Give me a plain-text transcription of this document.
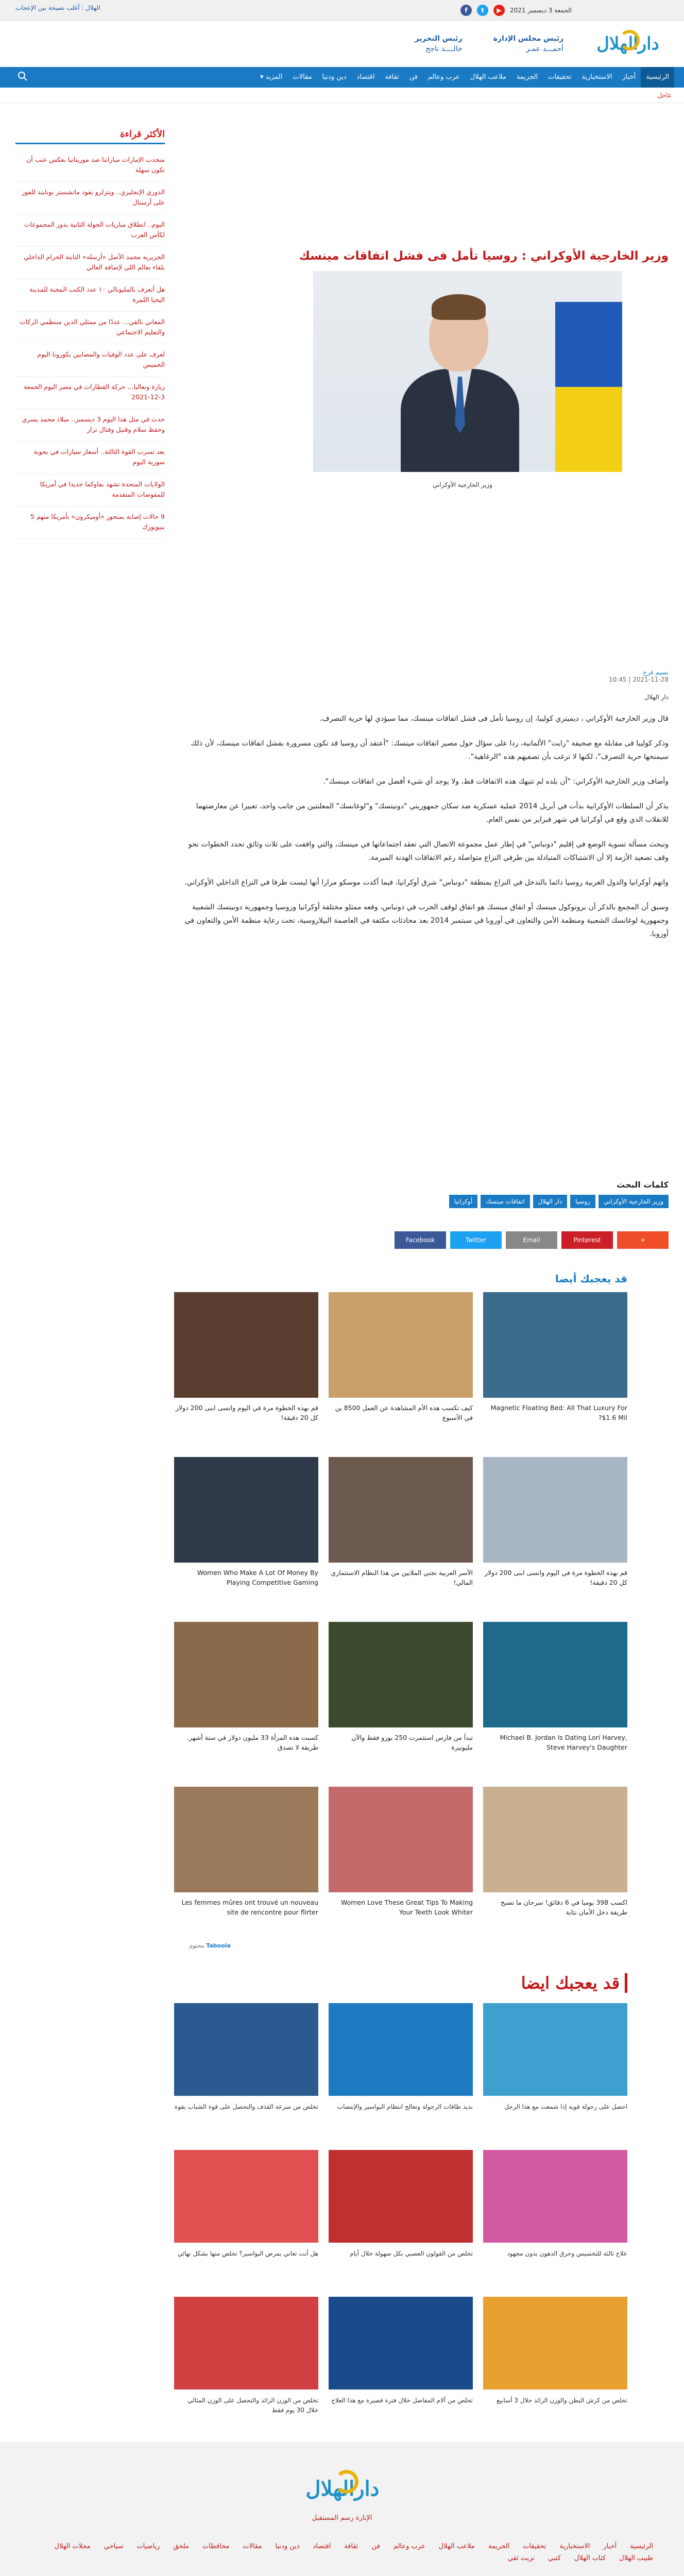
الجمعة 3 ديسمبر 2021
▶
t
f
دارالهلال
رئيس مجلس الإدارة
أحمـــد عمـر
رئيس التحرير
خالــــد ناجح
الرئيسية
أخبار
الاستخبارية
تحقيقات
الجريمة
ملاعب الهلال
عرب وعالم
فن
ثقافة
اقتصاد
دين ودنيا
مقالات
المزيد ▾
عاجل
الهلال : أغلب نصيحة بين الإعجاب
الأكثر قراءة
منحدب الإمارات مباراتنا ضد موريتانيا بعكس عنب أن تكون سهلة
الدوري الإنجليزي.. ويتزلرو يقود ماتشستر يونايتد للفوز على أرسنال
اليوم.. انطلاق مباريات الجولة الثانية بدور المجموعات لكأس العرب
الجزيرية محمد الأصل «أرسله» الثابتة الحرام الداخلي بلقاء بعالم اللي لإضافة العالي
هل أتعرف بالمليونالي ١٠ عدد الكتب المحبة للمدينة اليحيا اللمرة
المعاني بالقي... عددًا من ممثلي الدين منتظمي الركات والتعليم الاجتماعي
لعرف على عدد الوفيات والمصابين بكورونا اليوم الخميس
زيارة وتعاليا... حركة القطارات في مصر اليوم الجمعة 3-12-2021
حدث في مثل هذا اليوم 3 ديسمبر.. ميلاد محمد يسري وحفظ سلام وقتيل وقتال نزار
بعد تسرب القوة الثالثة.. أسعار سيارات في بحوية سورية اليوم
الولايات المتحدة تشهد بقاوكما جديدا في أمريكا للمفوضات المتقدمة
9 حالات إصابة بمتحور «أوميكرون» بأمريكا منهم 5 بنيويورك
وزير الخارجية الأوكراني : روسيا تأمل فى فشل اتفاقات مينسك
وزير الخارجية الأوكراني
نسيم فرح
2021-11-28 | 10:45
دار الهلال

قال وزير الخارجية الأوكراني ، ديميتري كوليبا، إن روسيا تأمل فى فشل اتفاقات مينسك، مما سيؤدي لها حرية التصرف.

وذكر كوليبا فى مقابلة مع صحيفة "زايت" الألمانية، ردا على سؤال حول مصير اتفاقات مينسك: "أعتقد أن روسيا قد تكون مسرورة بفشل اتفاقات مينسك، لأن ذلك سيمنحها حرية التصرف"، لكنها لا ترغب بأن تصفيهم هذه "الرغاهية".

وأضاف وزير الخارجية الأوكراني: "أن بلده لم تتبهك هذه الاتفاقات قط، ولا يوجد أي شيء أفضل من اتفاقات مينسك".

يذكر أن السلطات الأوكرانية بدأت في أبريل 2014 عملية عسكرية ضد سكان جمهوريتي "دونيتسك" و"لوغانسك" المعلنتين من جانب واحد، تعبيرا عن معارضتهما للانقلاب الذي وقع في أوكرانيا في شهر فبراير من نفس العام.

وتبحث مسألة تسوية الوضع في إقليم "دونباس" في إطار عمل مجموعة الاتصال التي تعقد اجتماعاتها في مينسك، والتي وافقت على ثلاث وثائق تحدد الخطوات نحو وقف تصعيد الأزمة إلا أن الاشتباكات المتبادلة بين طرفي النزاع متواصلة رغم الاتفاقات الهدنة المبرمة.

واتهم أوكرانيا والدول الغربية روسيا دائما بالتدخل في النزاع بمنطقة "دونباس" شرق أوكرانيا، فيما أكدت موسكو مرارا أنها ليست طرفا في النزاع الداخلي الأوكراني.

وسبق أن المجمع بالذكر أن بروتوكول مينسك أو اتفاق مينسك هو اتفاق لوقف الحرب في دونباس، وقعه ممثلو مختلفة أوكرانيا وروسيا وجمهورية دونيتسك الشعبية وجمهورية لوغانسك الشعبية ومنظمة الأمن والتعاون في أوروبا في سبتمبر 2014 بعد محادثات مكثفة في العاصمة البيلاروسية، تحت رعاية منظمة الأمن والتعاون في أوروبا.

كلمات البحث
وزير الخارجية الأوكراني
روسيا
دار الهلال
اتفاقات مينسك
أوكرانيا
+
Pinterest
Email
Twitter
Facebook
قد يعجبك أيضا
Magnetic Floating Bed: All That Luxury For $1.6 Mil?
كيف تكسب هذه الأم المشاهدة عن العمل 8500 ين في الأسبوع
قم بهذه الخطوة مرة في اليوم وانسى ابنى 200 دولار كل 20 دقيقة!
قم بهذه الخطوة مرة في اليوم وانسى ابنى 200 دولار كل 20 دقيقة!
الأسر العربية تجني الملايين من هذا النظام الاستثماري المالي!
Women Who Make A Lot Of Money By Playing Competitive Gaming
Michael B. Jordan Is Dating Lori Harvey, Steve Harvey's Daughter
تبدأ من فارس استثمرت 250 يورو فقط والآن مليونيرة
كسبت هذه المرأة 33 مليون دولار في ستة أشهر. طريقة لا تصدق
اكسب 398 يوميا في 6 دقائق! سرحان ما تصبح طريقة دخل الأمان نثابة
Women Love These Great Tips To Making Your Teeth Look Whiter
Les femmes mûres ont trouvé un nouveau site de rencontre pour flirter
Taboola محتوى
قد يعجبك ايضا
احصل على رجولة قوية إذا شمعت مع هذا الرجل
بديد طاقات الرجولة وتعالج انتظام البواسير والإنتصاب
تخلص من سرعة القذف والتحصل على قوة الشباب بقوة
علاج ثالثة للتخسيس وحرق الدهون بدون مجهود
تخلص من القولون العصبي بكل سهولة خلال أيام
هل أنت تعاني بمرض البواسير؟ تخلص منها بشكل نهائي
تخلص من كرش البطن والوزن الزائد خلال 3 أسابيع
تخلص من آلام المفاصل خلال فترة قصيرة مع هذا العلاج
تخلص من الوزن الزائد والتحصل على الوزن المثالي خلال 30 يوم فقط
دارالهلال
الإنارة رسم المستقبل
الرئيسية
أخبار
الاستخبارية
تحقيقات
الجريمة
ملاعب الهلال
عرب وعالم
فن
ثقافة
اقتصاد
دين ودنيا
مقالات
محافظات
ملحق
رياضيات
سياحي
مجلات الهلال
طبيب الهلال
كتاب الهلال
كتبي
نزيت ثقي
